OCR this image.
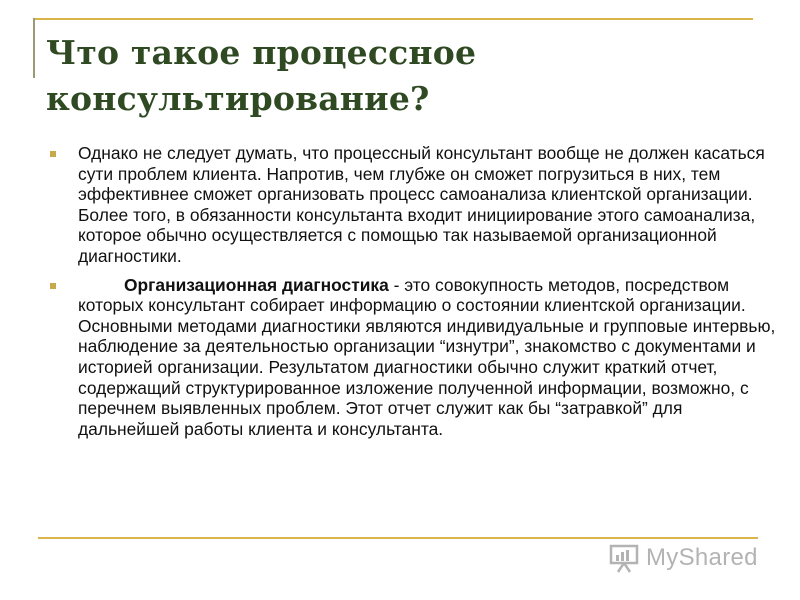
Что такое процессное
консультирование?
Однако не следует думать, что процессный консультант вообще не должен касаться сути проблем клиента. Напротив, чем глубже он сможет погрузиться в них, тем эффективнее сможет организовать процесс самоанализа клиентской организации. Более того, в обязанности консультанта входит инициирование этого самоанализа, которое обычно осуществляется с помощью так называемой организационной диагностики.
Организационная диагностика - это совокупность методов, посредством которых консультант собирает информацию о состоянии клиентской организации. Основными методами диагностики являются индивидуальные и групповые интервью, наблюдение за деятельностью организации “изнутри”, знакомство с документами и историей организации. Результатом диагностики обычно служит краткий отчет, содержащий структурированное изложение полученной информации, возможно, с перечнем выявленных проблем. Этот отчет служит как бы “затравкой” для дальнейшей работы клиента и консультанта.
MyShared
